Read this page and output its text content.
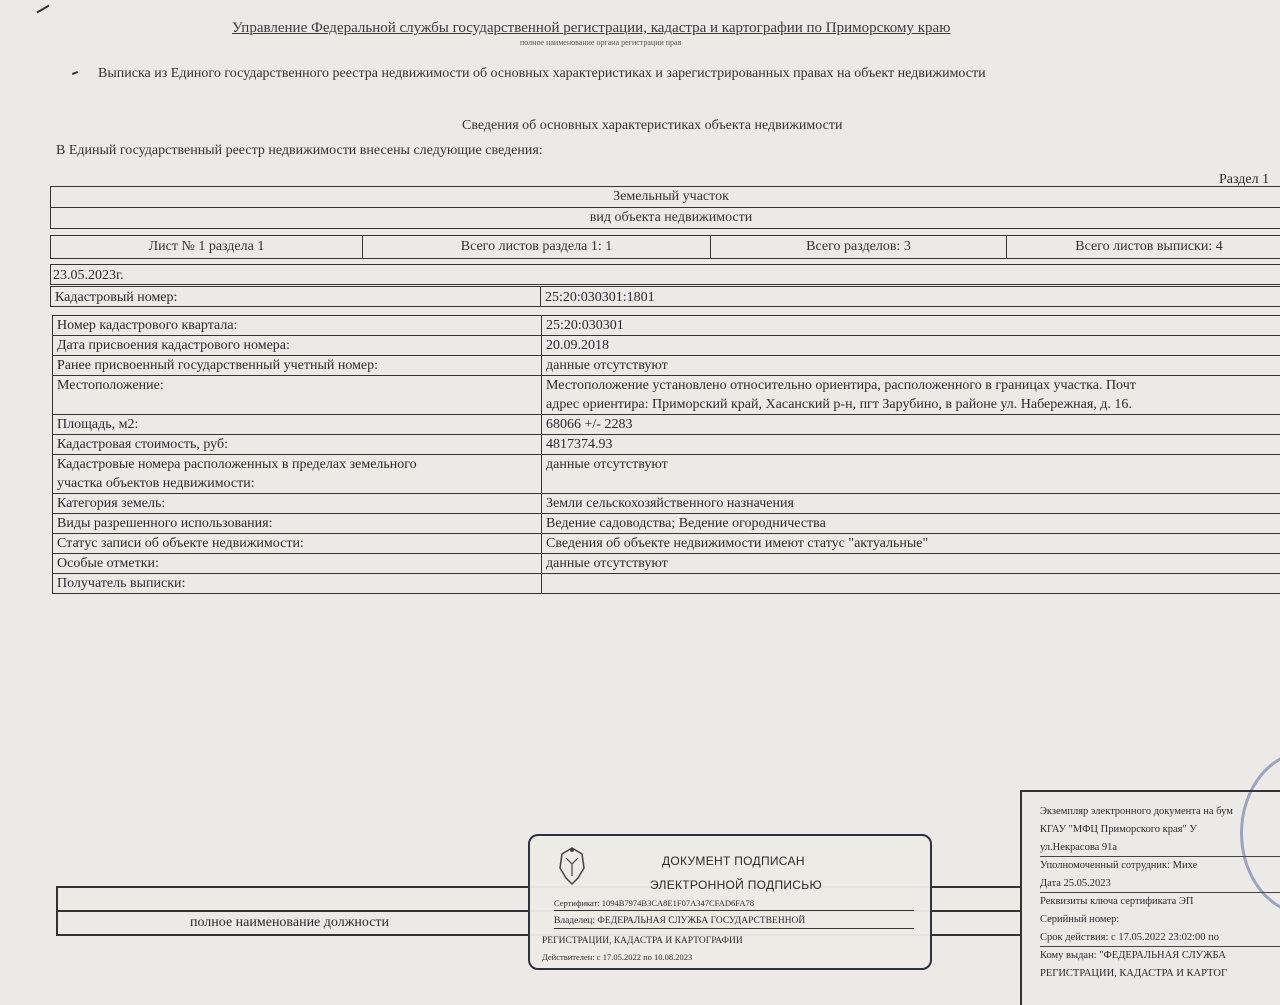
Управление Федеральной службы государственной регистрации, кадастра и картографии по Приморскому краю
полное наименование органа регистрации прав
Выписка из Единого государственного реестра недвижимости об основных характеристиках и зарегистрированных правах на объект недвижимости
Сведения об основных характеристиках объекта недвижимости
В Единый государственный реестр недвижимости внесены следующие сведения:
Раздел 1
Земельный участок
вид объекта недвижимости
Лист № 1 раздела 1	Всего листов раздела 1: 1	Всего разделов: 3	Всего листов выписки: 4
23.05.2023г.
Кадастровый номер:	25:20:030301:1801
Номер кадастрового квартала:	25:20:030301
Дата присвоения кадастрового номера:	20.09.2018
Ранее присвоенный государственный учетный номер:	данные отсутствуют
Местоположение:	Местоположение установлено относительно ориентира, расположенного в границах участка. Почт
адрес ориентира: Приморский край, Хасанский р-н, пгт Зарубино, в районе ул. Набережная, д. 16.

Площадь, м2:	68066 +/- 2283
Кадастровая стоимость, руб:	4817374.93

Кадастровые номера расположенных в пределах земельного
участка объектов недвижимости:	данные отсутствуют
Категория земель:	Земли сельскохозяйственного назначения
Виды разрешенного использования:	Ведение садоводства; Ведение огородничества
Статус записи об объекте недвижимости:	Сведения об объекте недвижимости имеют статус "актуальные"
Особые отметки:	данные отсутствуют
Получатель выписки:	
полное наименование должности
ДОКУМЕНТ ПОДПИСАН
ЭЛЕКТРОННОЙ ПОДПИСЬЮ
Сертификат: 1094B7974B3CA8E1F07A347CFAD6FA78
Владелец: ФЕДЕРАЛЬНАЯ СЛУЖБА ГОСУДАРСТВЕННОЙ
РЕГИСТРАЦИИ, КАДАСТРА И КАРТОГРАФИИ
Действителен: с 17.05.2022 по 10.08.2023
Экземпляр электронного документа на бум
КГАУ "МФЦ Приморского края" У
ул.Некрасова 91а
Уполномоченный сотрудник: Михе
Дата 25.05.2023
Реквизиты ключа сертификата ЭП
Серийный номер:
Срок действия: с 17.05.2022 23:02:00 по
Кому выдан: "ФЕДЕРАЛЬНАЯ СЛУЖБА
РЕГИСТРАЦИИ, КАДАСТРА И КАРТОГ
